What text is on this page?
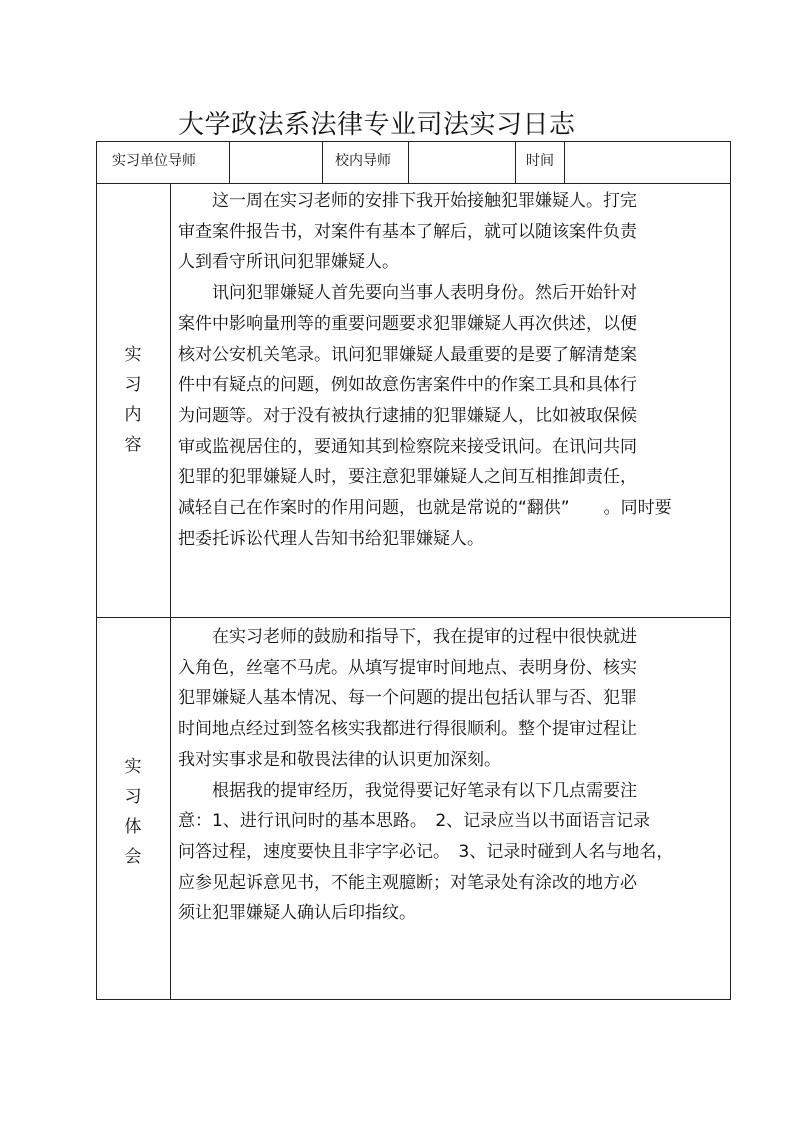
大学政法系法律专业司法实习日志
实习单位导师	校内导师	时间
实
习
内
容
　　这一周在实习老师的安排下我开始接触犯罪嫌疑人。打完
审查案件报告书，对案件有基本了解后，就可以随该案件负责
人到看守所讯问犯罪嫌疑人。
　　讯问犯罪嫌疑人首先要向当事人表明身份。然后开始针对
案件中影响量刑等的重要问题要求犯罪嫌疑人再次供述，以便
核对公安机关笔录。讯问犯罪嫌疑人最重要的是要了解清楚案
件中有疑点的问题，例如故意伤害案件中的作案工具和具体行
为问题等。对于没有被执行逮捕的犯罪嫌疑人，比如被取保候
审或监视居住的，要通知其到检察院来接受讯问。在讯问共同
犯罪的犯罪嫌疑人时，要注意犯罪嫌疑人之间互相推卸责任，
减轻自己在作案时的作用问题，也就是常说的“翻供”　　。同时要
把委托诉讼代理人告知书给犯罪嫌疑人。
实
习
体
会
　　在实习老师的鼓励和指导下，我在提审的过程中很快就进
入角色，丝毫不马虎。从填写提审时间地点、表明身份、核实
犯罪嫌疑人基本情况、每一个问题的提出包括认罪与否、犯罪
时间地点经过到签名核实我都进行得很顺利。整个提审过程让
我对实事求是和敬畏法律的认识更加深刻。
　　根据我的提审经历，我觉得要记好笔录有以下几点需要注
意：1、进行讯问时的基本思路。　2、记录应当以书面语言记录
问答过程，速度要快且非字字必记。　3、记录时碰到人名与地名，
应参见起诉意见书，不能主观臆断；对笔录处有涂改的地方必
须让犯罪嫌疑人确认后印指纹。
